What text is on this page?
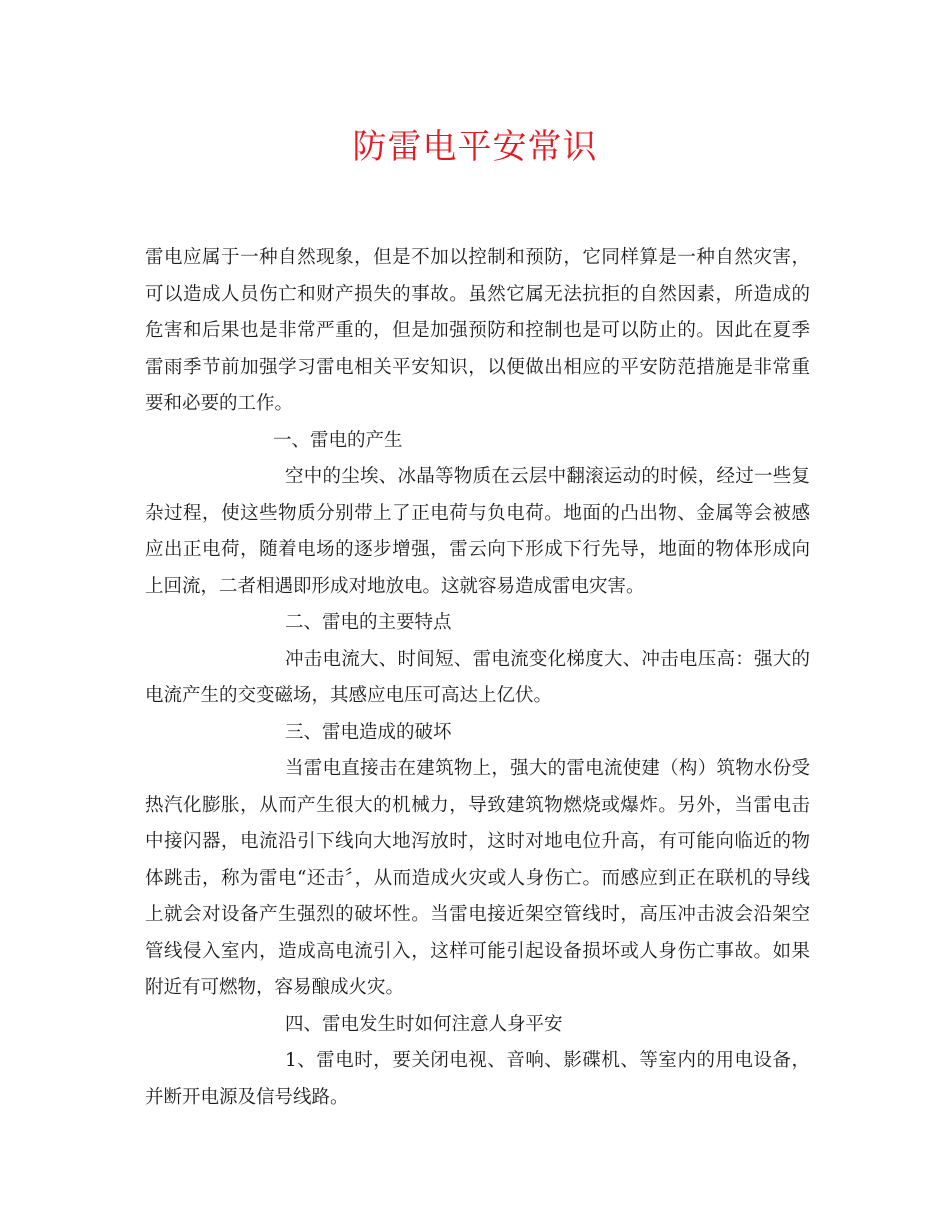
防雷电平安常识

雷电应属于一种自然现象，但是不加以控制和预防，它同样算是一种自然灾害，可以造成人员伤亡和财产损失的事故。虽然它属无法抗拒的自然因素，所造成的危害和后果也是非常严重的，但是加强预防和控制也是可以防止的。因此在夏季雷雨季节前加强学习雷电相关平安知识，以便做出相应的平安防范措施是非常重要和必要的工作。

一、雷电的产生

空中的尘埃、冰晶等物质在云层中翻滚运动的时候，经过一些复杂过程，使这些物质分别带上了正电荷与负电荷。地面的凸出物、金属等会被感应出正电荷，随着电场的逐步增强，雷云向下形成下行先导，地面的物体形成向上回流，二者相遇即形成对地放电。这就容易造成雷电灾害。

二、雷电的主要特点

冲击电流大、时间短、雷电流变化梯度大、冲击电压高：强大的电流产生的交变磁场，其感应电压可高达上亿伏。

三、雷电造成的破坏

当雷电直接击在建筑物上，强大的雷电流使建（构）筑物水份受热汽化膨胀，从而产生很大的机械力，导致建筑物燃烧或爆炸。另外，当雷电击中接闪器，电流沿引下线向大地泻放时，这时对地电位升高，有可能向临近的物体跳击，称为雷电“还击〞，从而造成火灾或人身伤亡。而感应到正在联机的导线上就会对设备产生强烈的破坏性。当雷电接近架空管线时，高压冲击波会沿架空管线侵入室内，造成高电流引入，这样可能引起设备损坏或人身伤亡事故。如果附近有可燃物，容易酿成火灾。

四、雷电发生时如何注意人身平安

1、雷电时，要关闭电视、音响、影碟机、等室内的用电设备，并断开电源及信号线路。
